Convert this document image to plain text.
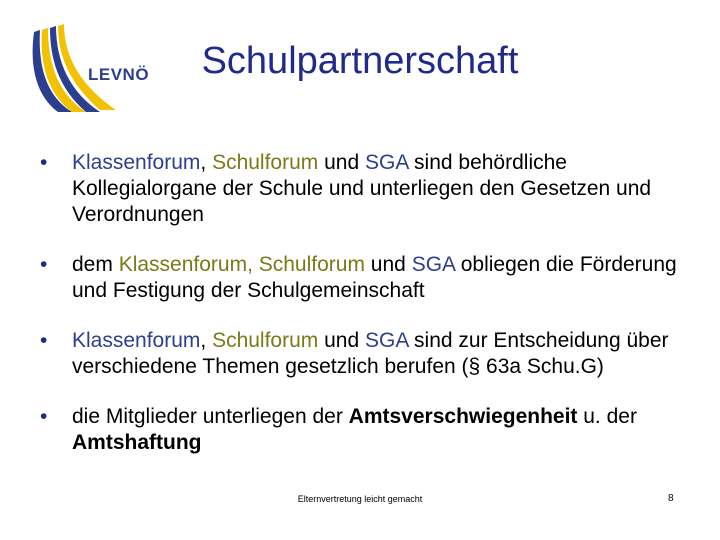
LEVNÖ	Schulpartnerschaft
• Klassenforum, Schulforum und SGA sind behördliche Kollegialorgane der Schule und unterliegen den Gesetzen und Verordnungen
• dem Klassenforum, Schulforum und SGA obliegen die Förderung und Festigung der Schulgemeinschaft
• Klassenforum, Schulforum und SGA sind zur Entscheidung über verschiedene Themen gesetzlich berufen (§ 63a Schu.G)
• die Mitglieder unterliegen der Amtsverschwiegenheit u. der Amtshaftung
Elternvertretung leicht gemacht	8
